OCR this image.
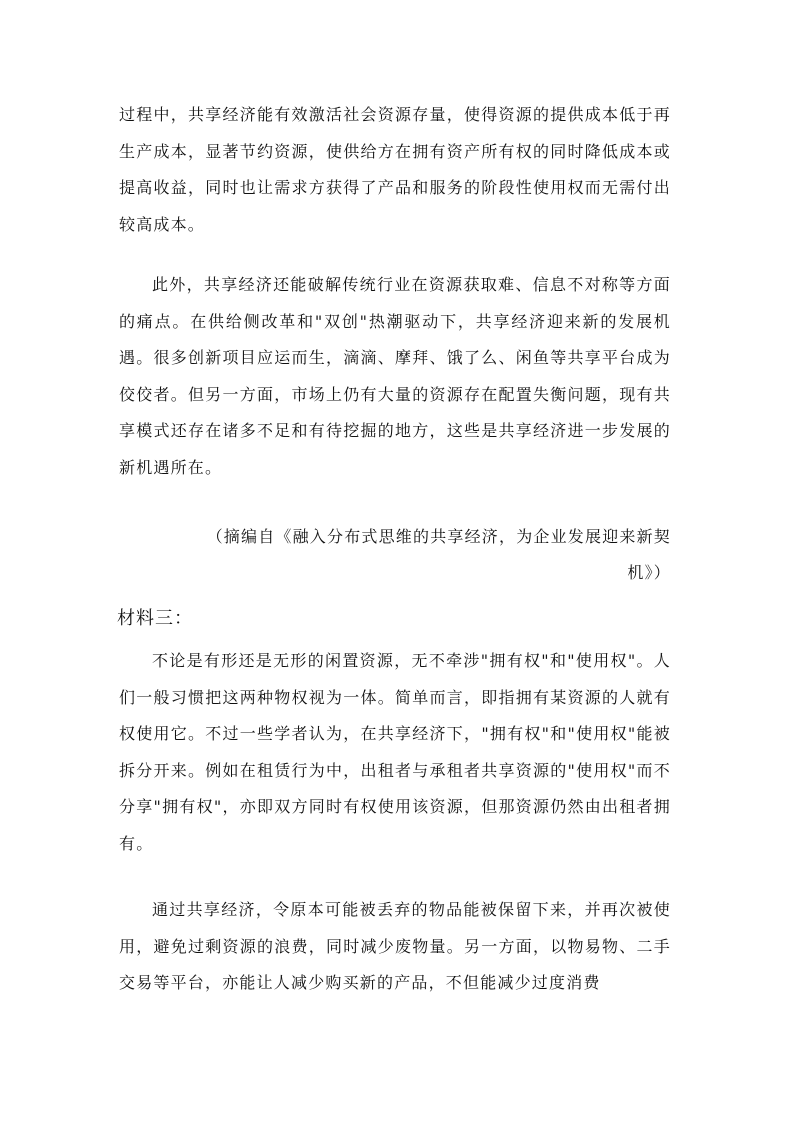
过程中，共享经济能有效激活社会资源存量，使得资源的提供成本低于再生产成本，显著节约资源，使供给方在拥有资产所有权的同时降低成本或提高收益，同时也让需求方获得了产品和服务的阶段性使用权而无需付出较高成本。

此外，共享经济还能破解传统行业在资源获取难、信息不对称等方面的痛点。在供给侧改革和"双创"热潮驱动下，共享经济迎来新的发展机遇。很多创新项目应运而生，滴滴、摩拜、饿了么、闲鱼等共享平台成为佼佼者。但另一方面，市场上仍有大量的资源存在配置失衡问题，现有共享模式还存在诸多不足和有待挖掘的地方，这些是共享经济进一步发展的新机遇所在。

（摘编自《融入分布式思维的共享经济，为企业发展迎来新契
机》）
材料三：

不论是有形还是无形的闲置资源，无不牵涉"拥有权"和"使用权"。人们一般习惯把这两种物权视为一体。简单而言，即指拥有某资源的人就有权使用它。不过一些学者认为，在共享经济下，"拥有权"和"使用权"能被拆分开来。例如在租赁行为中，出租者与承租者共享资源的"使用权"而不分享"拥有权"，亦即双方同时有权使用该资源，但那资源仍然由出租者拥有。

通过共享经济，令原本可能被丢弃的物品能被保留下来，并再次被使用，避免过剩资源的浪费，同时减少废物量。另一方面，以物易物、二手交易等平台，亦能让人减少购买新的产品，不但能减少过度消费
